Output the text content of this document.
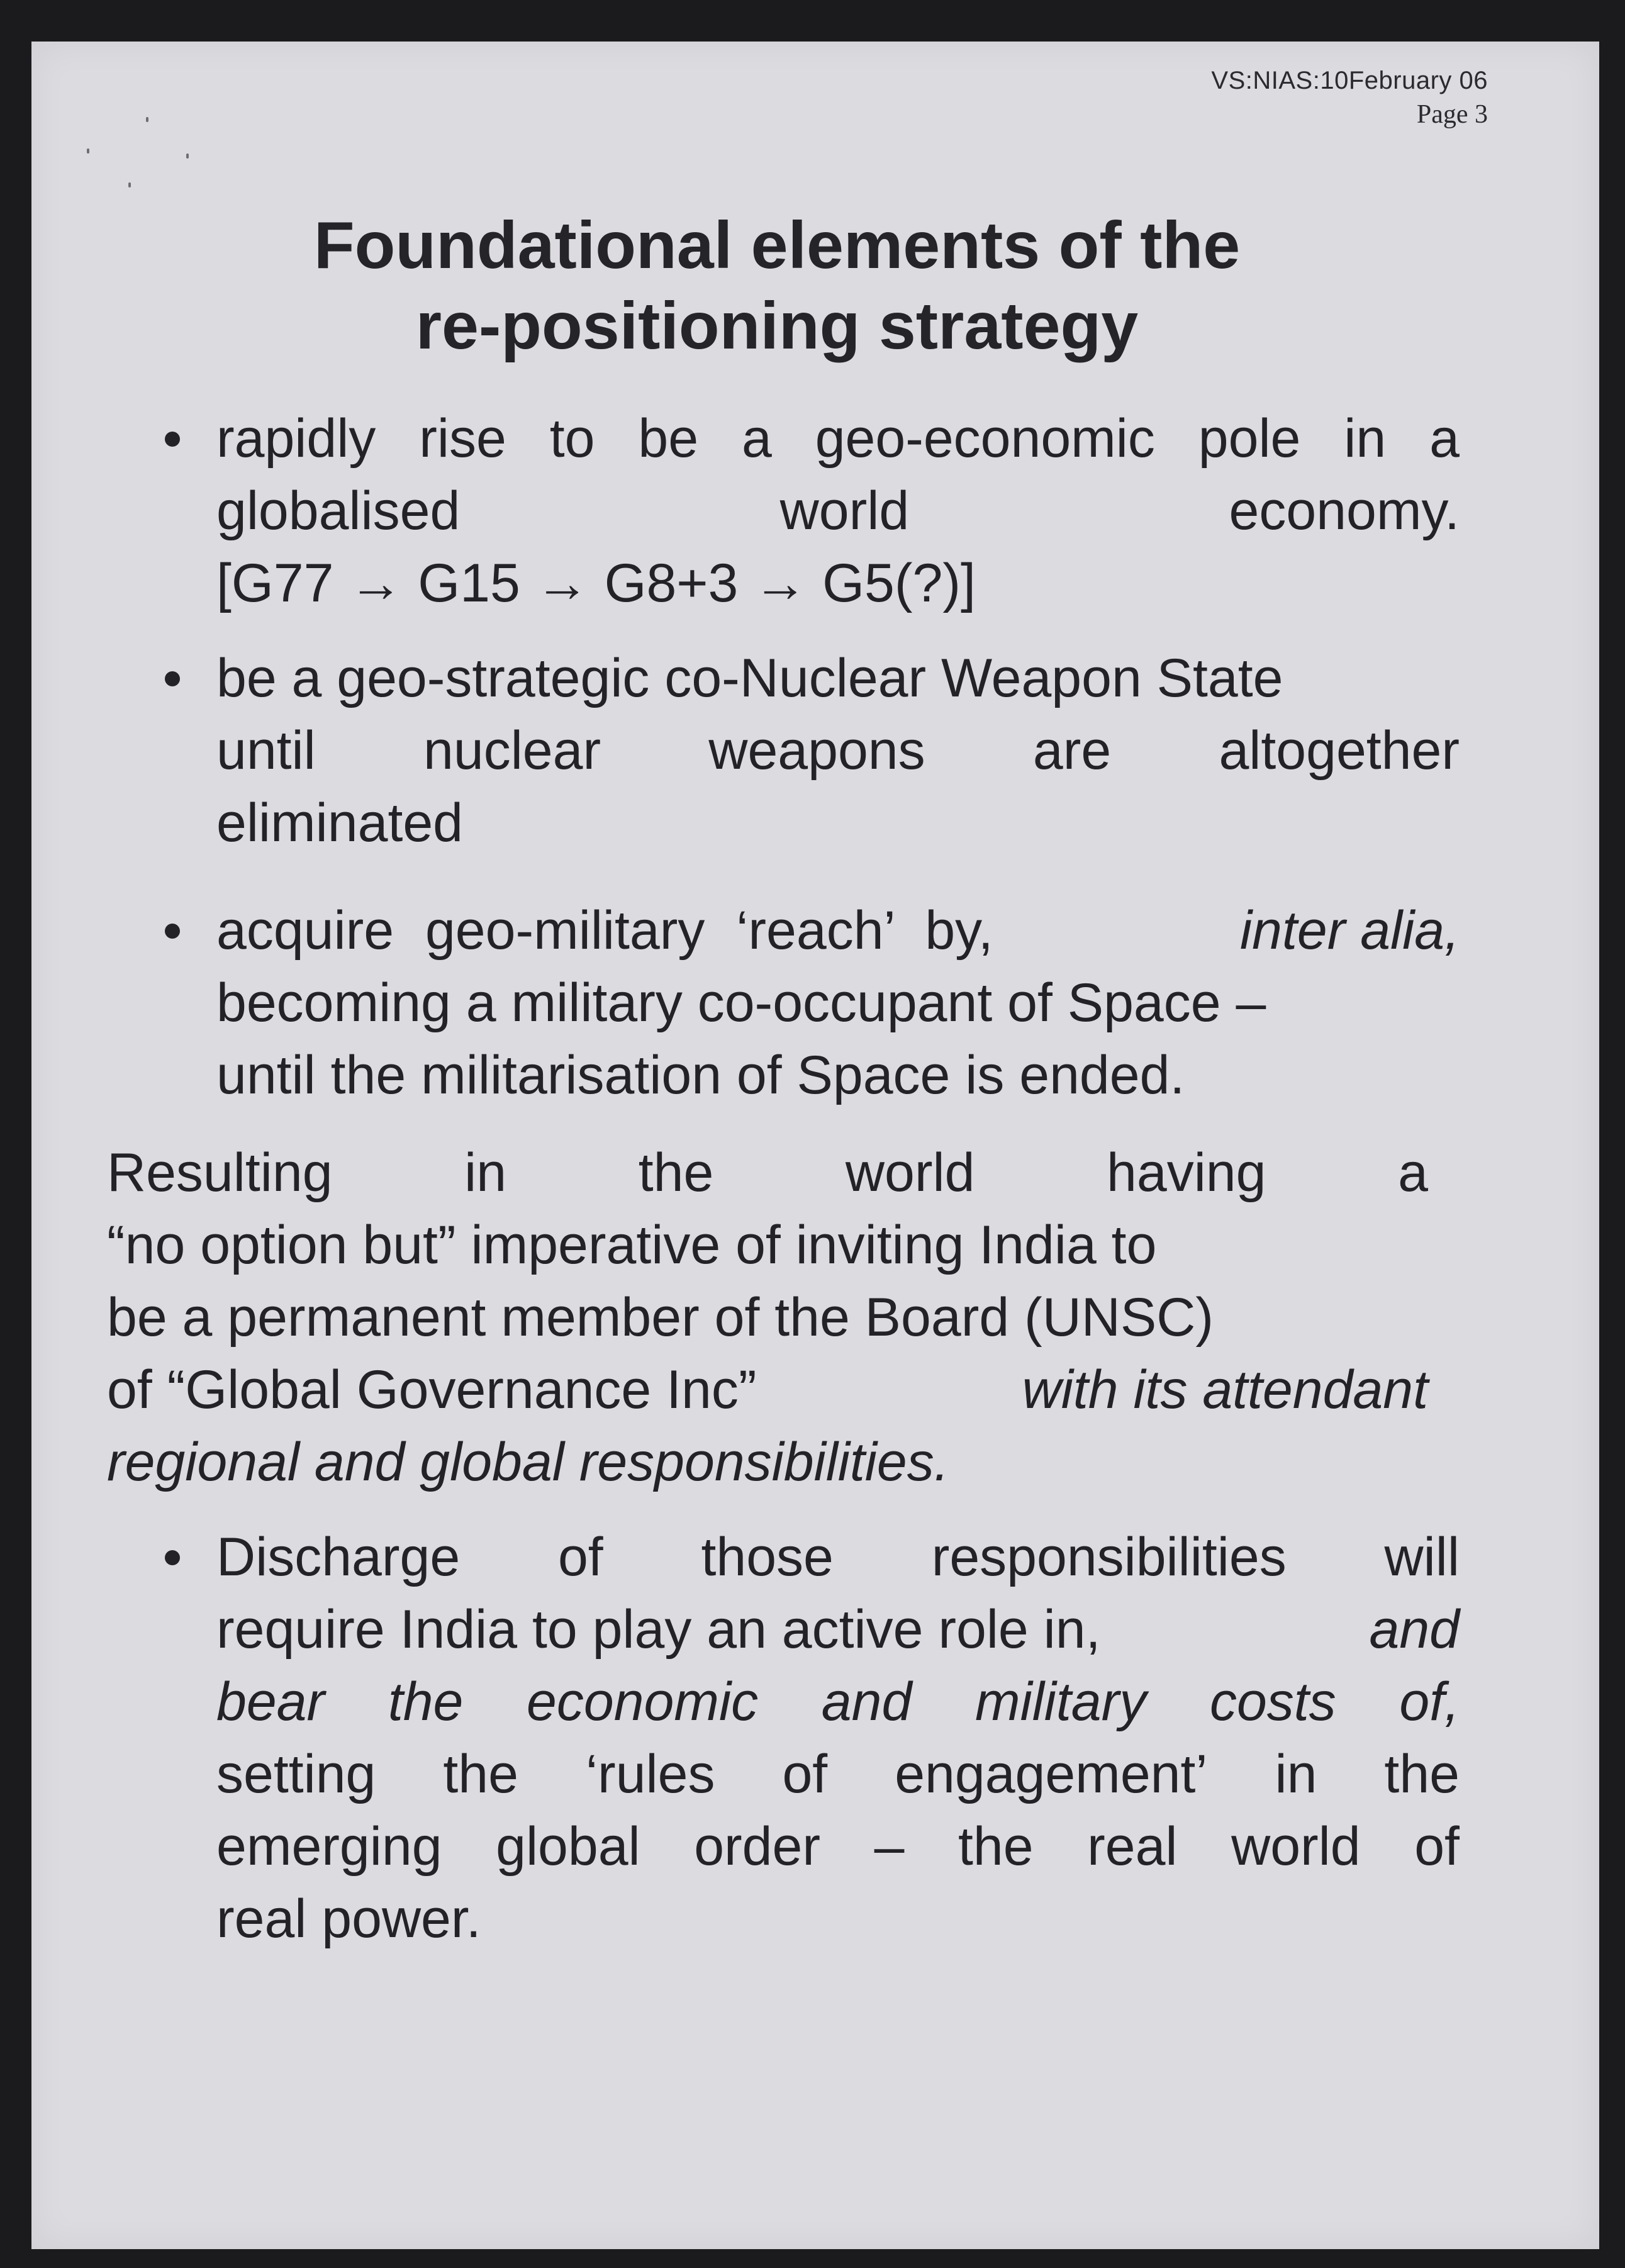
VS:NIAS:10February 06
Page 3
Foundational elements of the
re-positioning strategy
rapidly rise to be a geo-economic pole in a
globalised	world	economy.
[G77 → G15 → G8+3 → G5(?)]
be a geo-strategic co-Nuclear Weapon State
until nuclear weapons are altogether
eliminated
acquire geo-military ‘reach’ by,	inter alia,
becoming a military co-occupant of Space –
until the militarisation of Space is ended.
Resulting in the world having a
“no option but” imperative of inviting India to
be a permanent member of the Board (UNSC)
of “Global Governance Inc”	with its attendant
regional and global responsibilities.
Discharge of those responsibilities will
require India to play an active role in,	and
bear the economic and military costs of,
setting the ‘rules of engagement’ in the
emerging global order – the real world of
real power.
